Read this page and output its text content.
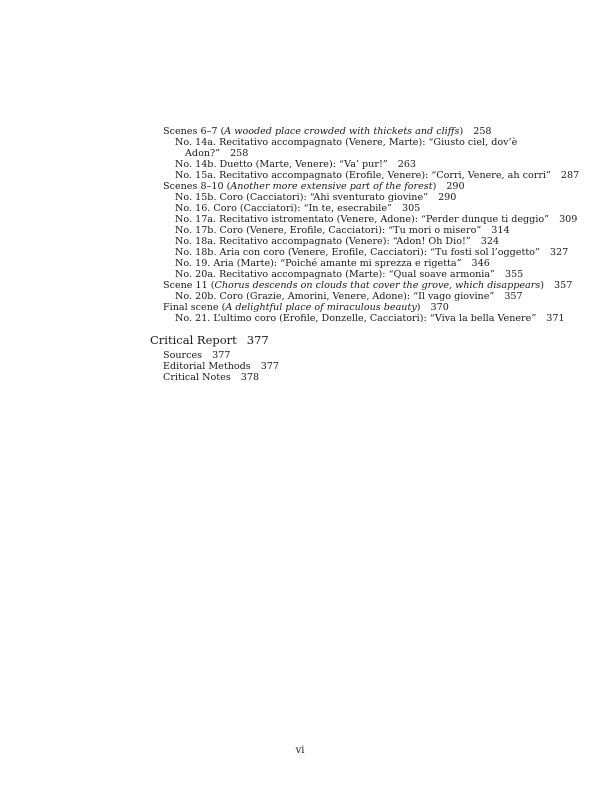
Scenes 6–7 (A wooded place crowded with thickets and cliffs) 258
No. 14a. Recitativo accompagnato (Venere, Marte): “Giusto ciel, dov’è
Adon?” 258
No. 14b. Duetto (Marte, Venere): “Va’ pur!” 263
No. 15a. Recitativo accompagnato (Erofile, Venere): “Corri, Venere, ah corri” 287
Scenes 8–10 (Another more extensive part of the forest) 290
No. 15b. Coro (Cacciatori): “Ahi sventurato giovine” 290
No. 16. Coro (Cacciatori): “In te, esecrabile” 305
No. 17a. Recitativo istromentato (Venere, Adone): “Perder dunque ti deggio” 309
No. 17b. Coro (Venere, Erofile, Cacciatori): “Tu mori o misero” 314
No. 18a. Recitativo accompagnato (Venere): “Adon! Oh Dio!” 324
No. 18b. Aria con coro (Venere, Erofile, Cacciatori): “Tu fosti sol l’oggetto” 327
No. 19. Aria (Marte): “Poiché amante mi sprezza e rigetta” 346
No. 20a. Recitativo accompagnato (Marte): “Qual soave armonia” 355
Scene 11 (Chorus descends on clouds that cover the grove, which disappears) 357
No. 20b. Coro (Grazie, Amorini, Venere, Adone): “Il vago giovine” 357
Final scene (A delightful place of miraculous beauty) 370
No. 21. L’ultimo coro (Erofile, Donzelle, Cacciatori): “Viva la bella Venere” 371
Critical Report 377
Sources 377
Editorial Methods 377
Critical Notes 378
vi
